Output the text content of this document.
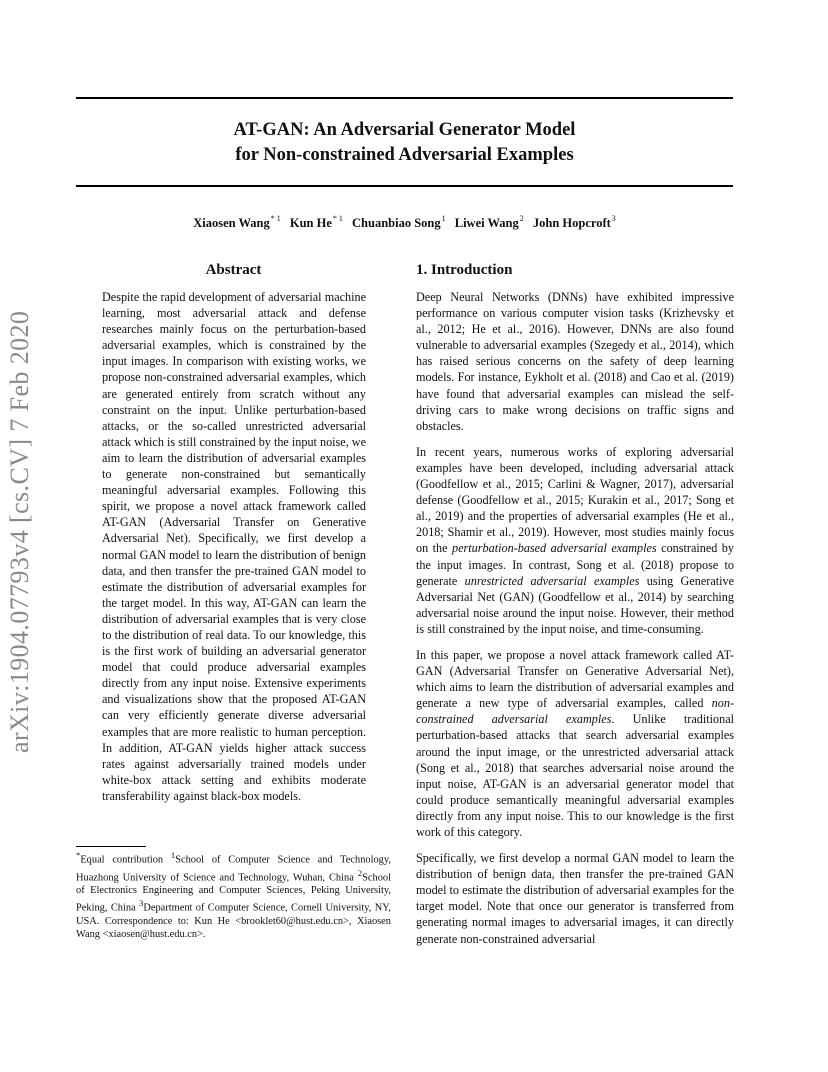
arXiv:1904.07793v4 [cs.CV] 7 Feb 2020
AT-GAN: An Adversarial Generator Model
for Non-constrained Adversarial Examples
Xiaosen Wang$^{* 1}$ Kun He$^{* 1}$ Chuanbiao Song$^1$ Liwei Wang$^2$ John Hopcroft$^3$
Abstract
Despite the rapid development of adversarial machine learning, most adversarial attack and defense researches mainly focus on the perturbation-based adversarial examples, which is constrained by the input images. In comparison with existing works, we propose non-constrained adversarial examples, which are generated entirely from scratch without any constraint on the input. Unlike perturbation-based attacks, or the so-called unrestricted adversarial attack which is still constrained by the input noise, we aim to learn the distribution of adversarial examples to generate non-constrained but semantically meaningful adversarial examples. Following this spirit, we propose a novel attack framework called AT-GAN (Adversarial Transfer on Generative Adversarial Net). Specifically, we first develop a normal GAN model to learn the distribution of benign data, and then transfer the pre-trained GAN model to estimate the distribution of adversarial examples for the target model. In this way, AT-GAN can learn the distribution of adversarial examples that is very close to the distribution of real data. To our knowledge, this is the first work of building an adversarial generator model that could produce adversarial examples directly from any input noise. Extensive experiments and visualizations show that the proposed AT-GAN can very efficiently generate diverse adversarial examples that are more realistic to human perception. In addition, AT-GAN yields higher attack success rates against adversarially trained models under white-box attack setting and exhibits moderate transferability against black-box models.
*Equal contribution $^1$School of Computer Science and Technology, Huazhong University of Science and Technology, Wuhan, China $^2$School of Electronics Engineering and Computer Sciences, Peking University, Peking, China $^3$Department of Computer Science, Cornell University, NY, USA. Correspondence to: Kun He <brooklet60@hust.edu.cn>, Xiaosen Wang <xiaosen@hust.edu.cn>.
1. Introduction

Deep Neural Networks (DNNs) have exhibited impressive performance on various computer vision tasks (Krizhevsky et al., 2012; He et al., 2016). However, DNNs are also found vulnerable to adversarial examples (Szegedy et al., 2014), which has raised serious concerns on the safety of deep learning models. For instance, Eykholt et al. (2018) and Cao et al. (2019) have found that adversarial examples can mislead the self-driving cars to make wrong decisions on traffic signs and obstacles.

In recent years, numerous works of exploring adversarial examples have been developed, including adversarial attack (Goodfellow et al., 2015; Carlini & Wagner, 2017), adversarial defense (Goodfellow et al., 2015; Kurakin et al., 2017; Song et al., 2019) and the properties of adversarial examples (He et al., 2018; Shamir et al., 2019). However, most studies mainly focus on the perturbation-based adversarial examples constrained by the input images. In contrast, Song et al. (2018) propose to generate unrestricted adversarial examples using Generative Adversarial Net (GAN) (Goodfellow et al., 2014) by searching adversarial noise around the input noise. However, their method is still constrained by the input noise, and time-consuming.

In this paper, we propose a novel attack framework called AT-GAN (Adversarial Transfer on Generative Adversarial Net), which aims to learn the distribution of adversarial examples and generate a new type of adversarial examples, called non-constrained adversarial examples. Unlike traditional perturbation-based attacks that search adversarial examples around the input image, or the unrestricted adversarial attack (Song et al., 2018) that searches adversarial noise around the input noise, AT-GAN is an adversarial generator model that could produce semantically meaningful adversarial examples directly from any input noise. This to our knowledge is the first work of this category.

Specifically, we first develop a normal GAN model to learn the distribution of benign data, then transfer the pre-trained GAN model to estimate the distribution of adversarial examples for the target model. Note that once our generator is transferred from generating normal images to adversarial images, it can directly generate non-constrained adversarial
